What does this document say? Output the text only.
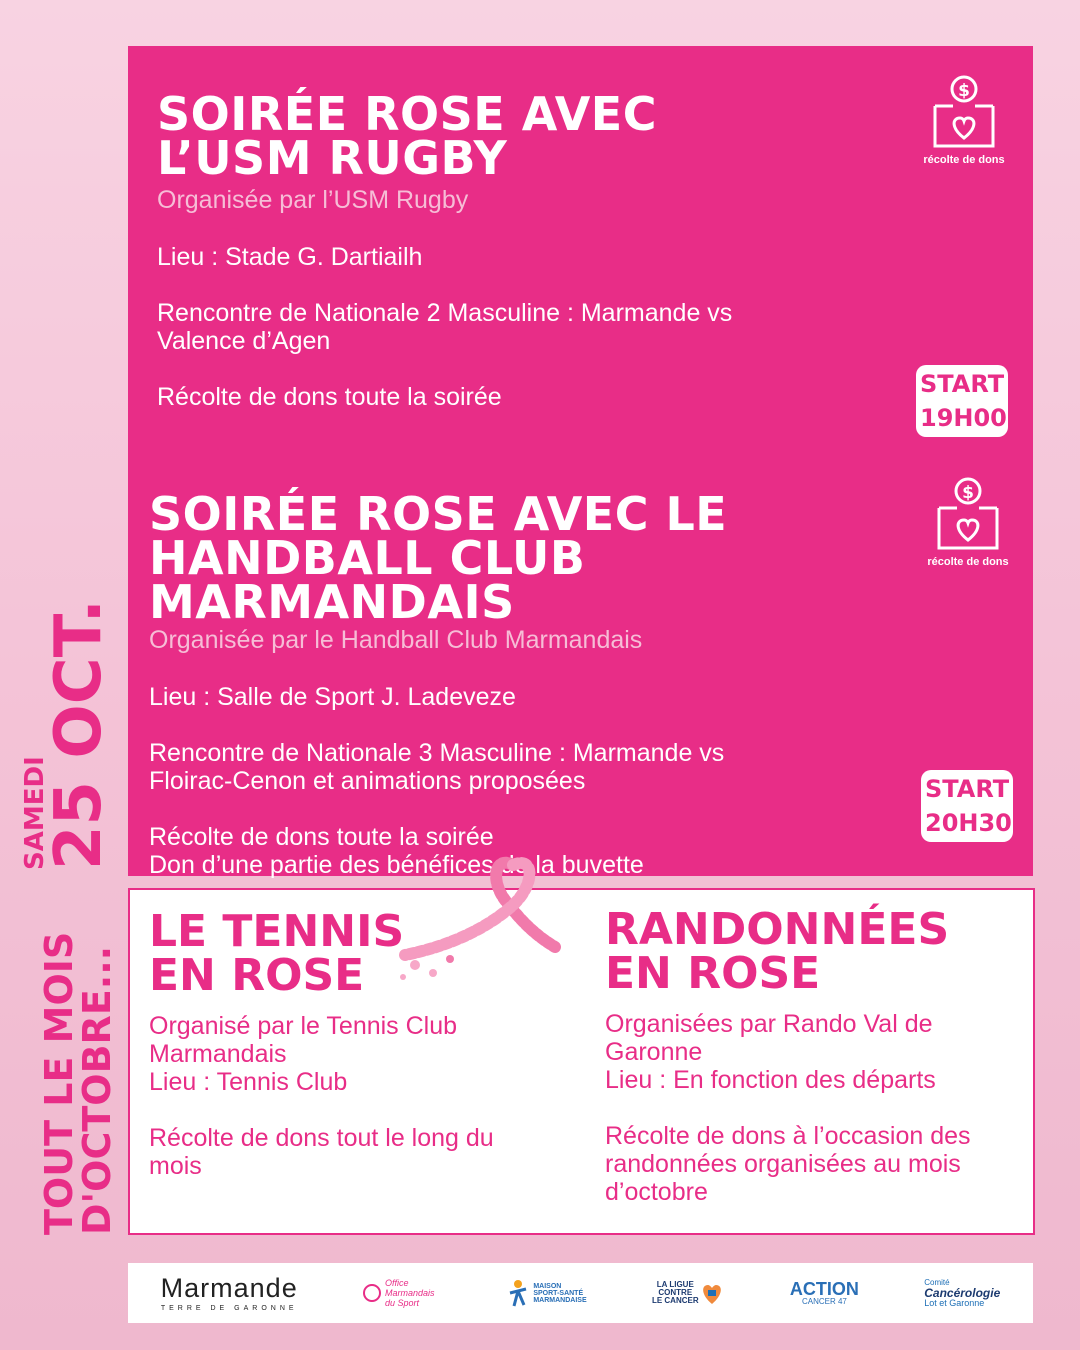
SAMEDI
25 OCT.
TOUT LE MOIS
D'OCTOBRE...
SOIRÉE ROSE AVEC
L’USM RUGBY
Organisée par l’USM Rugby

Lieu : Stade G. Dartiailh

Rencontre de Nationale 2 Masculine : Marmande vs Valence d’Agen

Récolte de dons toute la soirée

$
récolte de dons
START
19H00
SOIRÉE ROSE AVEC LE
HANDBALL CLUB MARMANDAIS
Organisée par le Handball Club Marmandais

Lieu : Salle de Sport J. Ladeveze

Rencontre de Nationale 3 Masculine : Marmande vs Floirac-Cenon et animations proposées

Récolte de dons toute la soirée

Don d’une partie des bénéfices de la buvette

$
récolte de dons
START
20H30
LE TENNIS
EN ROSE

Organisé par le Tennis Club Marmandais

Lieu : Tennis Club

Récolte de dons tout le long du mois

RANDONNÉES
EN ROSE

Organisées par Rando Val de Garonne

Lieu : En fonction des départs

Récolte de dons à l’occasion des randonnées organisées au mois d’octobre

Marmande
TERRE DE GARONNE
Office Marmandais du Sport
MAISON
SPORT-SANTÉ
MARMANDAISE
LA LIGUE
CONTRE
LE CANCER
ACTION
CANCER 47
Comité
Cancérologie
Lot et Garonne
